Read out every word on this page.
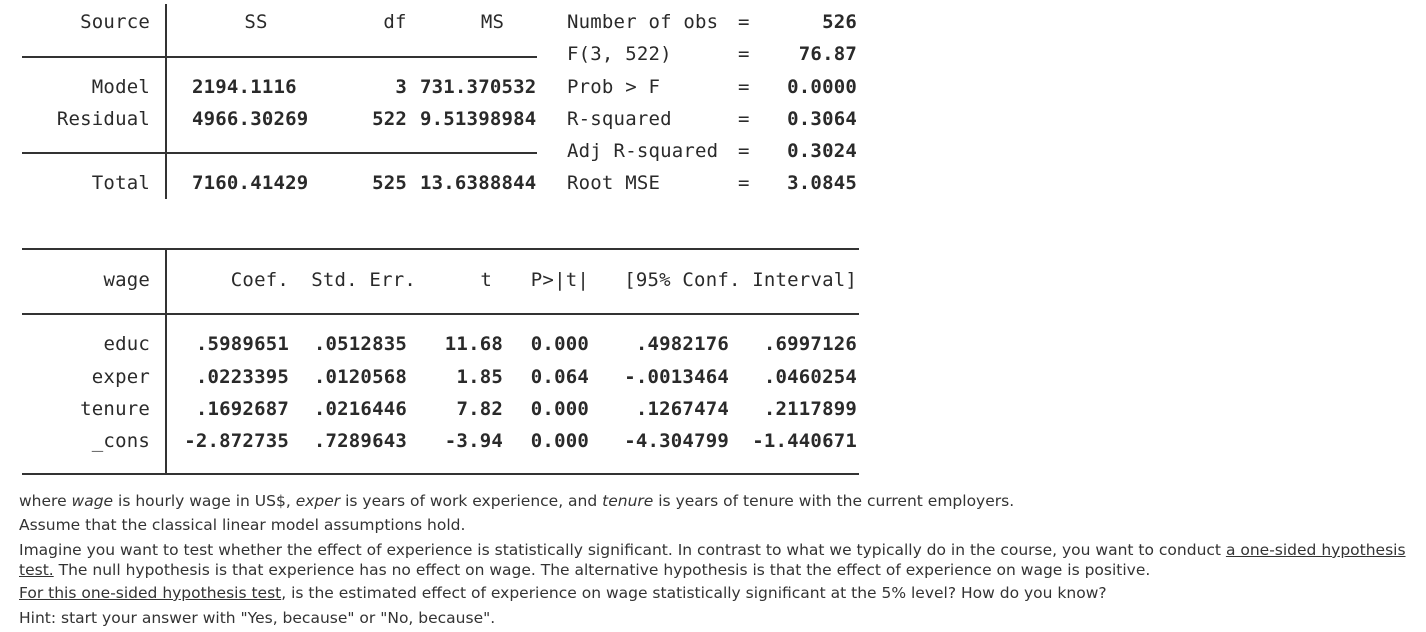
Source	SS	df	MS
Model 2194.1116	3 731.370532
Residual 4966.30269	522 9.51398984
Total 7160.41429	525 13.6388844
Number of obs =	526
F(3, 522)	=	76.87
Prob > F	=	0.0000
R-squared	=	0.3064
Adj R-squared =	0.3024
Root MSE	=	3.0845
wage	Coef.	Std. Err.	t	P>|t|	[95% Conf. Interval]
educ	.5989651	.0512835	11.68	0.000	.4982176	.6997126
exper	.0223395	.0120568	1.85	0.064	-.0013464	.0460254
tenure	.1692687	.0216446	7.82	0.000	.1267474	.2117899
_cons -2.872735	.7289643	-3.94	0.000	-4.304799	-1.440671
where wage is hourly wage in US$, exper is years of work experience, and tenure is years of tenure with the current employers.
Assume that the classical linear model assumptions hold.
Imagine you want to test whether the effect of experience is statistically significant. In contrast to what we typically do in the course, you want to conduct a one-sided hypothesis test. The null hypothesis is that experience has no effect on wage. The alternative hypothesis is that the effect of experience on wage is positive.
For this one-sided hypothesis test, is the estimated effect of experience on wage statistically significant at the 5% level? How do you know?
Hint: start your answer with "Yes, because" or "No, because".
